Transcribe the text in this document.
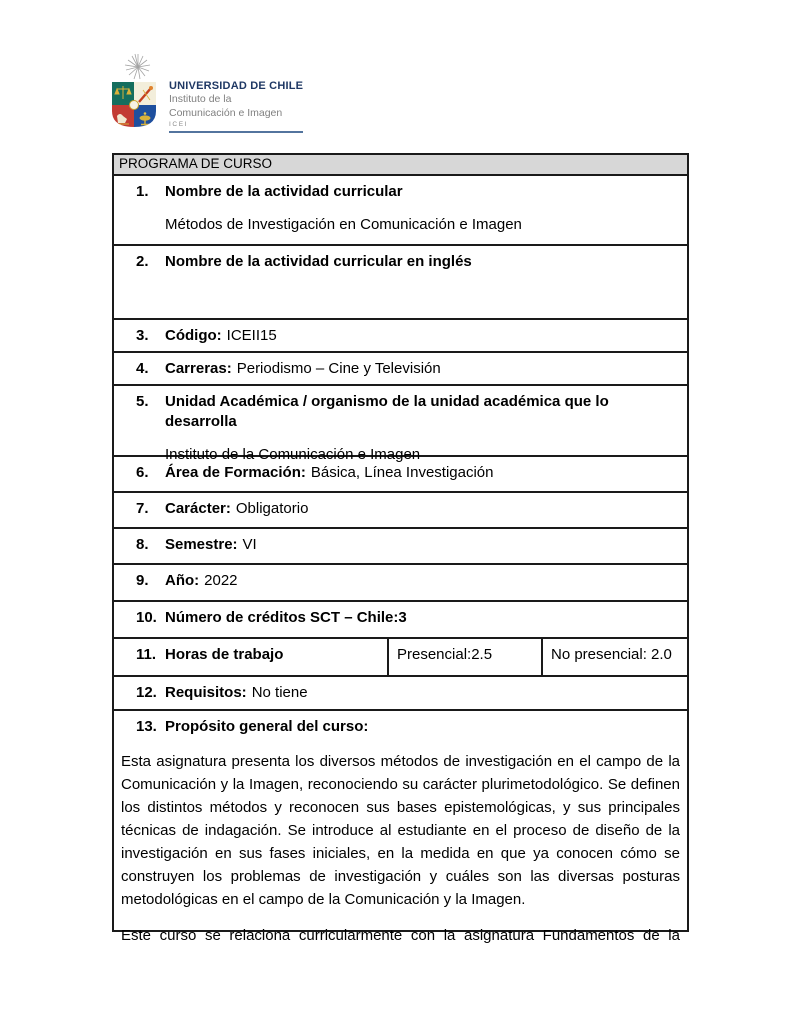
UNIVERSIDAD DE CHILE
Instituto de la
Comunicación e Imagen
ICEI
PROGRAMA DE CURSO
1.	Nombre de la actividad curricular
Métodos de Investigación en Comunicación e Imagen
2.	Nombre de la actividad curricular en inglés
3.	Código: ICEII15
4.	Carreras: Periodismo – Cine y Televisión
5.	Unidad Académica / organismo de la unidad académica que lo desarrolla
Instituto de la Comunicación e Imagen
6.	Área de Formación: Básica, Línea Investigación
7.	Carácter: Obligatorio
8.	Semestre: VI
9.	Año: 2022
10. Número de créditos SCT – Chile:3
11. Horas de trabajo	Presencial:2.5	No presencial: 2.0
12. Requisitos: No tiene
13. Propósito general del curso:
Esta asignatura presenta los diversos métodos de investigación en el campo de la Comunicación y la Imagen, reconociendo su carácter plurimetodológico. Se definen los distintos métodos y reconocen sus bases epistemológicas, y sus principales técnicas de indagación. Se introduce al estudiante en el proceso de diseño de la investigación en sus fases iniciales, en la medida en que ya conocen cómo se construyen los problemas de investigación y cuáles son las diversas posturas metodológicas en el campo de la Comunicación y la Imagen.
Este curso se relaciona curricularmente con la asignatura Fundamentos de la
